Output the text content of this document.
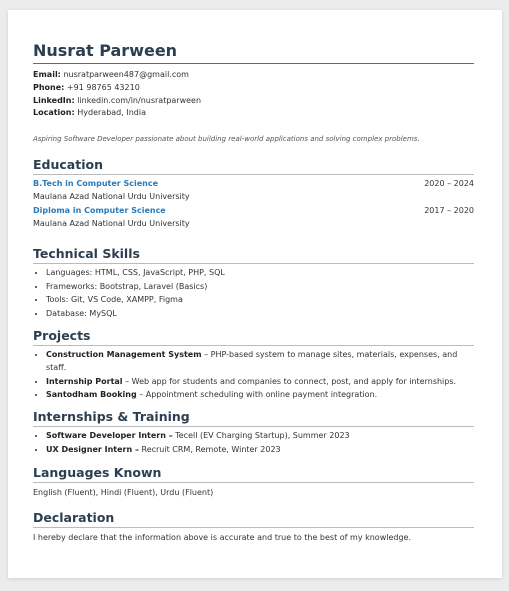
Nusrat Parween
Email: nusratparween487@gmail.com
Phone: +91 98765 43210
LinkedIn: linkedin.com/in/nusratparween
Location: Hyderabad, India
Aspiring Software Developer passionate about building real-world applications and solving complex problems.
Education
B.Tech in Computer Science	2020 – 2024
Maulana Azad National Urdu University
Diploma in Computer Science	2017 – 2020
Maulana Azad National Urdu University
Technical Skills
• Languages: HTML, CSS, JavaScript, PHP, SQL
• Frameworks: Bootstrap, Laravel (Basics)
• Tools: Git, VS Code, XAMPP, Figma
• Database: MySQL
Projects
• Construction Management System – PHP-based system to manage sites, materials, expenses, and staff.
• Internship Portal – Web app for students and companies to connect, post, and apply for internships.
• Santodham Booking – Appointment scheduling with online payment integration.
Internships & Training
• Software Developer Intern – Tecell (EV Charging Startup), Summer 2023
• UX Designer Intern – Recruit CRM, Remote, Winter 2023
Languages Known
English (Fluent), Hindi (Fluent), Urdu (Fluent)
Declaration
I hereby declare that the information above is accurate and true to the best of my knowledge.
